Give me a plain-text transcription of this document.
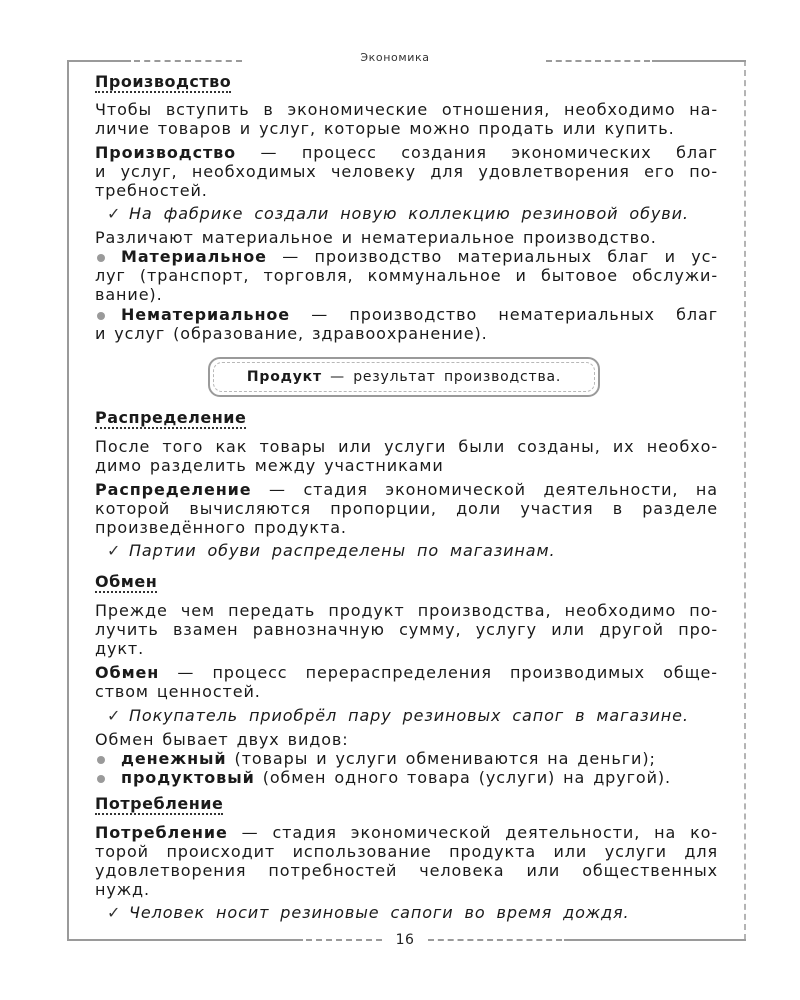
Экономика
16
Производство
Чтобы вступить в экономические отношения, необходимо на-
личие товаров и услуг, которые можно продать или купить.
Производство — процесс создания экономических благ
и услуг, необходимых человеку для удовлетворения его по-
требностей.
✓На фабрике создали новую коллекцию резиновой обуви.
Различают материальное и нематериальное производство.
Материальное — производство материальных благ и ус-
луг (транспорт, торговля, коммунальное и бытовое обслужи-
вание).
Нематериальное — производство нематериальных благ
и услуг (образование, здравоохранение).
Продукт — результат производства.
Распределение
После того как товары или услуги были созданы, их необхо-
димо разделить между участниками
Распределение — стадия экономической деятельности, на
которой вычисляются пропорции, доли участия в разделе
произведённого продукта.
✓Партии обуви распределены по магазинам.
Обмен
Прежде чем передать продукт производства, необходимо по-
лучить взамен равнозначную сумму, услугу или другой про-
дукт.
Обмен — процесс перераспределения производимых обще-
ством ценностей.
✓Покупатель приобрёл пару резиновых сапог в магазине.
Обмен бывает двух видов:
денежный (товары и услуги обмениваются на деньги);
продуктовый (обмен одного товара (услуги) на другой).
Потребление
Потребление — стадия экономической деятельности, на ко-
торой происходит использование продукта или услуги для
удовлетворения потребностей человека или общественных
нужд.
✓Человек носит резиновые сапоги во время дождя.
